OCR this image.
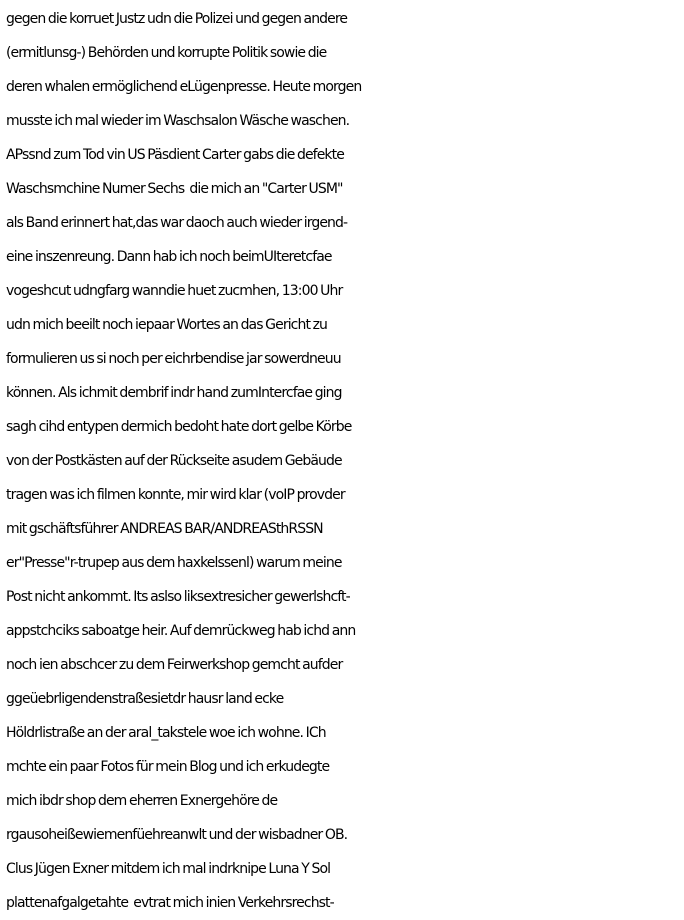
gegen die korruet Justz udn die Polizei und gegen andere
(ermitlunsg-) Behörden und korrupte Politik sowie die
deren whalen ermöglichend eLügenpresse. Heute morgen
musste ich mal wieder im Waschsalon Wäsche waschen.
APssnd zum Tod vin US Päsdient Carter gabs die defekte
Waschsmchine Numer Sechs  die mich an "Carter USM"
als Band erinnert hat,das war daoch auch wieder irgend-
eine inszenreung. Dann hab ich noch beimUIteretcfae
vogeshcut udngfarg wanndie huet zucmhen, 13:00 Uhr
udn mich beeilt noch iepaar Wortes an das Gericht zu
formulieren us si noch per eichrbendise jar sowerdneuu
können. Als ichmit dembrif indr hand zumIntercfae ging
sagh cihd entypen dermich bedoht hate dort gelbe Körbe
von der Postkästen auf der Rückseite asudem Gebäude
tragen was ich filmen konnte, mir wird klar (voIP provder
mit gschäftsführer ANDREAS BAR/ANDREASthRSSN
er"Presse"r-trupep aus dem haxkelssenl) warum meine
Post nicht ankommt. Its aslso liksextresicher gewerlshcft-
appstchciks saboatge heir. Auf demrückweg hab ichd ann
noch ien abschcer zu dem Feirwerkshop gemcht aufder
ggeüebrligendenstraßesietdr hausr land ecke
Höldrlistraße an der aral_takstele woe ich wohne. ICh
mchte ein paar Fotos für mein Blog und ich erkudegte
mich ibdr shop dem eherren Exnergehöre de
rgausoheißewiemenfüehreanwlt und der wisbadner OB.
Clus Jügen Exner mitdem ich mal indrknipe Luna Y Sol
plattenafgalgetahte  evtrat mich inien Verkehrsrechst-
